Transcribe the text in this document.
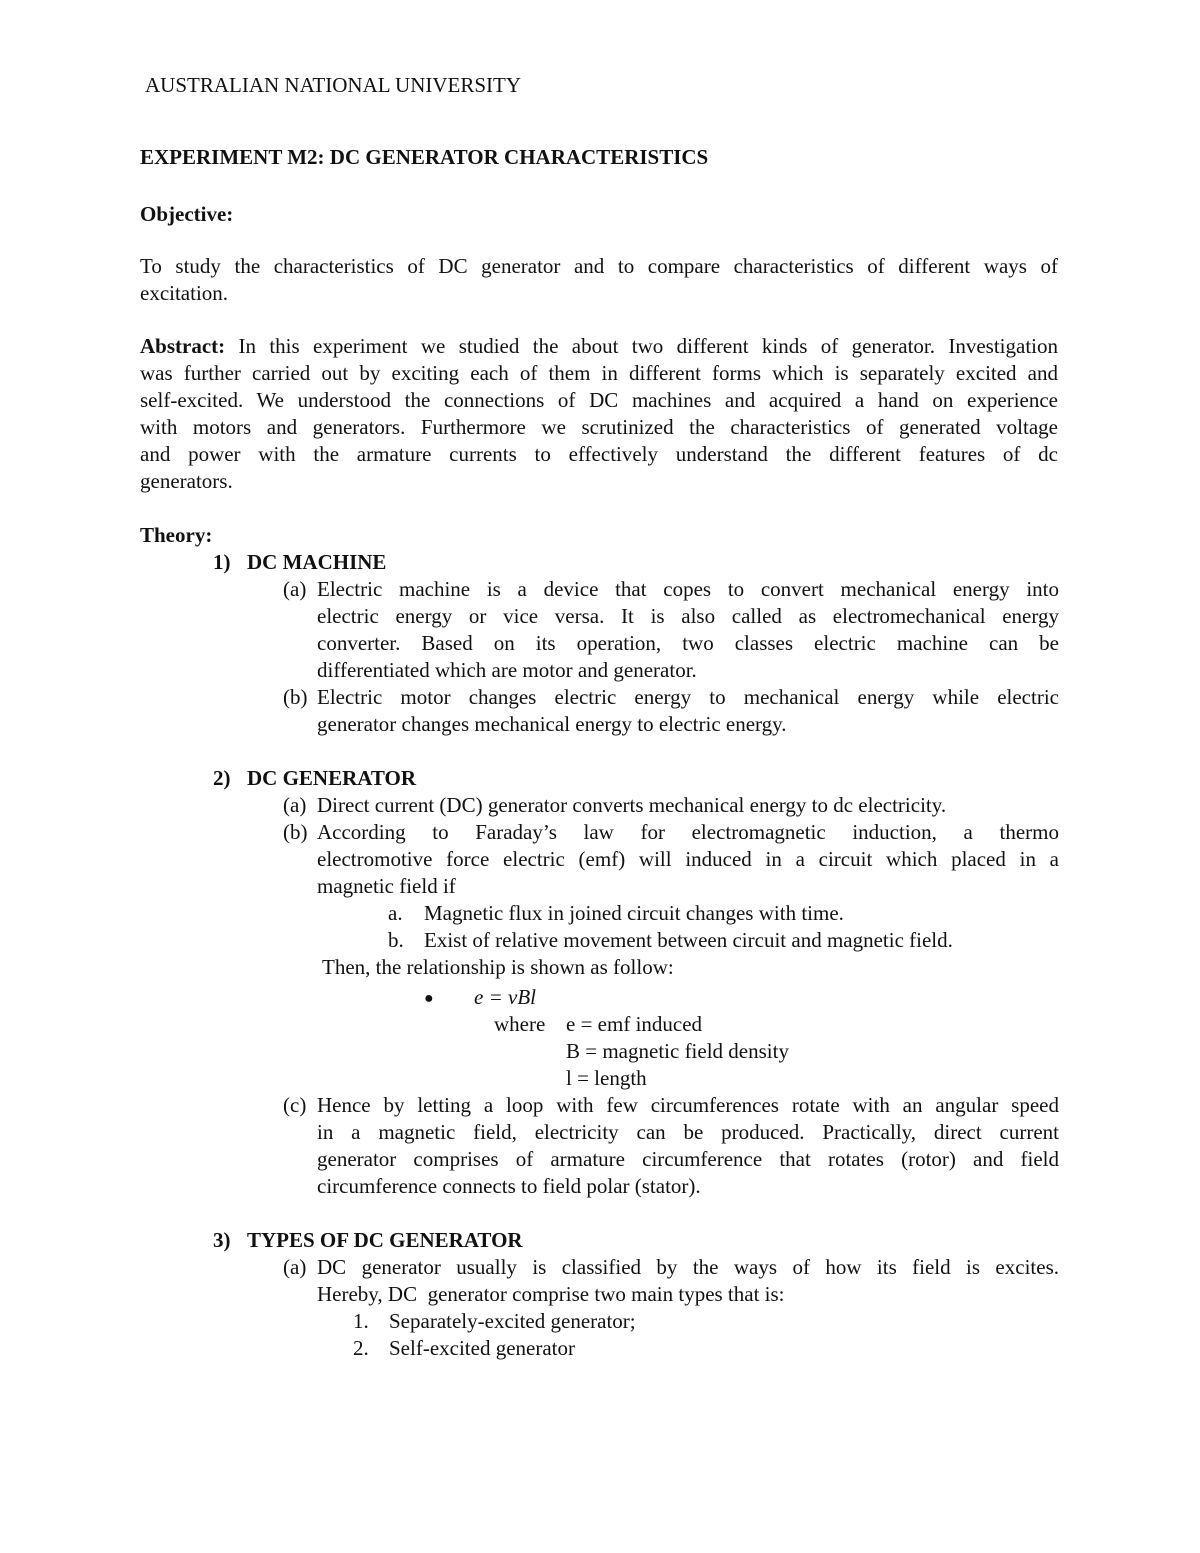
AUSTRALIAN NATIONAL UNIVERSITY
EXPERIMENT M2: DC GENERATOR CHARACTERISTICS
Objective:
To study the characteristics of DC generator and to compare characteristics of different ways of
excitation.
Abstract: In this experiment we studied the about two different kinds of generator. Investigation
was further carried out by exciting each of them in different forms which is separately excited and
self-excited. We understood the connections of DC machines and acquired a hand on experience
with motors and generators. Furthermore we scrutinized the characteristics of generated voltage
and power with the armature currents to effectively understand the different features of dc
generators.
Theory:
1) DC MACHINE
(a) Electric machine is a device that copes to convert mechanical energy into
electric energy or vice versa. It is also called as electromechanical energy
converter. Based on its operation, two classes electric machine can be
differentiated which are motor and generator.
(b) Electric motor changes electric energy to mechanical energy while electric
generator changes mechanical energy to electric energy.
2) DC GENERATOR
(a) Direct current (DC) generator converts mechanical energy to dc electricity.
(b) According to Faraday’s law for electromagnetic induction, a thermo
electromotive force electric (emf) will induced in a circuit which placed in a
magnetic field if
a. Magnetic flux in joined circuit changes with time.
b. Exist of relative movement between circuit and magnetic field.
Then, the relationship is shown as follow:
● e = vBl
where e = emf induced
B = magnetic field density
l = length
(c) Hence by letting a loop with few circumferences rotate with an angular speed
in a magnetic field, electricity can be produced. Practically, direct current
generator comprises of armature circumference that rotates (rotor) and field
circumference connects to field polar (stator).
3) TYPES OF DC GENERATOR
(a) DC generator usually is classified by the ways of how its field is excites.
Hereby, DC  generator comprise two main types that is:
1. Separately-excited generator;
2. Self-excited generator
